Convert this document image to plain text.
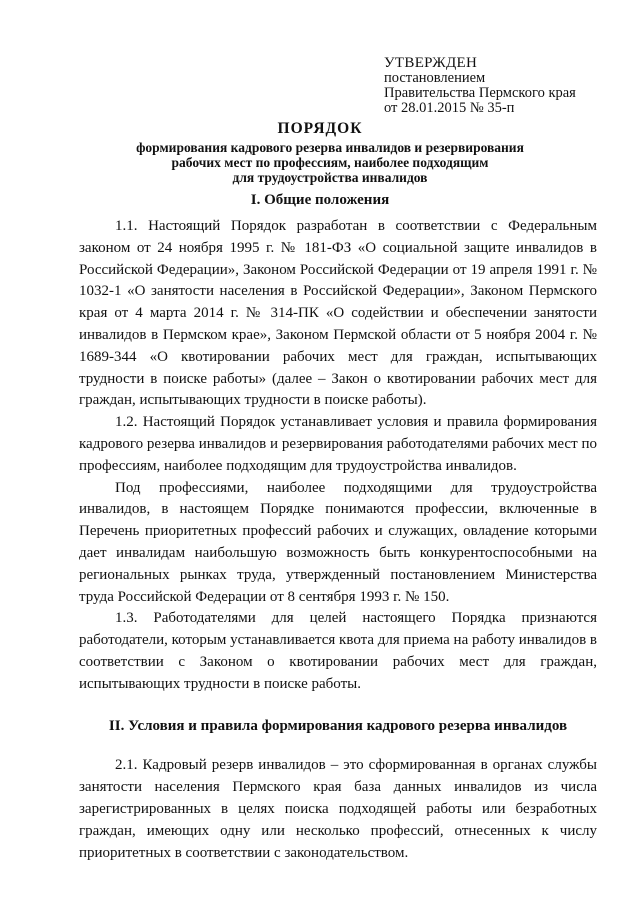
УТВЕРЖДЕН
постановлением
Правительства Пермского края
от 28.01.2015 № 35-п
ПОРЯДОК
формирования кадрового резерва инвалидов и резервирования
рабочих мест по профессиям, наиболее подходящим
для трудоустройства инвалидов
I. Общие положения

1.1. Настоящий Порядок разработан в соответствии с Федеральным законом от 24 ноября 1995 г. № 181-ФЗ «О социальной защите инвалидов в Российской Федерации», Законом Российской Федерации от 19 апреля 1991 г. № 1032-1 «О занятости населения в Российской Федерации», Законом Пермского края от 4 марта 2014 г. № 314-ПК «О содействии и обеспечении занятости инвалидов в Пермском крае», Законом Пермской области от 5 ноября 2004 г. № 1689-344 «О квотировании рабочих мест для граждан, испытывающих трудности в поиске работы» (далее – Закон о квотировании рабочих мест для граждан, испытывающих трудности в поиске работы).

1.2. Настоящий Порядок устанавливает условия и правила формирования кадрового резерва инвалидов и резервирования работодателями рабочих мест по профессиям, наиболее подходящим для трудоустройства инвалидов.

Под профессиями, наиболее подходящими для трудоустройства инвалидов, в настоящем Порядке понимаются профессии, включенные в Перечень приоритетных профессий рабочих и служащих, овладение которыми дает инвалидам наибольшую возможность быть конкурентоспособными на региональных рынках труда, утвержденный постановлением Министерства труда Российской Федерации от 8 сентября 1993 г. № 150.

1.3. Работодателями для целей настоящего Порядка признаются работодатели, которым устанавливается квота для приема на работу инвалидов в соответствии с Законом о квотировании рабочих мест для граждан, испытывающих трудности в поиске работы.

II. Условия и правила формирования кадрового резерва инвалидов

2.1. Кадровый резерв инвалидов – это сформированная в органах службы занятости населения Пермского края база данных инвалидов из числа зарегистрированных в целях поиска подходящей работы или безработных граждан, имеющих одну или несколько профессий, отнесенных к числу приоритетных в соответствии с законодательством.
